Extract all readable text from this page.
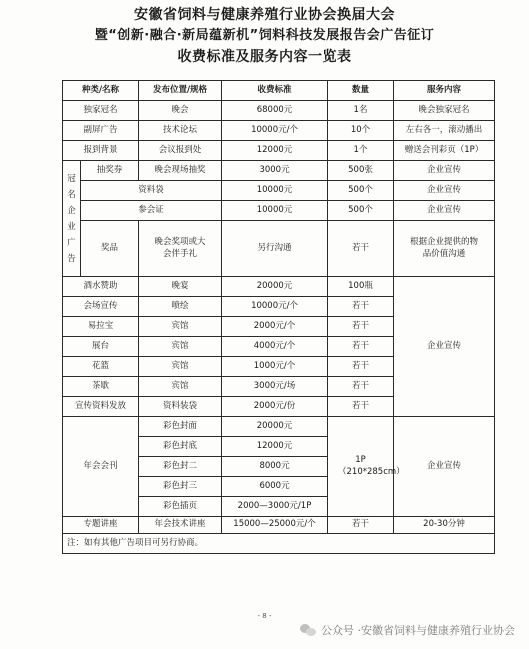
安徽省饲料与健康养殖行业协会换届大会
暨“创新·融合·新局蕴新机”饲料科技发展报告会广告征订
收费标准及服务内容一览表
种类/名称		发布位置/规格	收费标准	数量	服务内容
独家冠名		晚会	68000元	1名	晚会独家冠名
副屏广告		技术论坛	10000元/个	10个	左右各一，滚动播出
报到背景		会议报到处	12000元	1个	赠送会刊彩页（1P）

冠名企业广告	抽奖券	晚会现场抽奖	3000元	500张	企业宣传
	资料袋		10000元	500个	企业宣传
	参会证		10000元	500个	企业宣传
	奖品	晚会奖项或大会伴手礼	另行沟通	若干	根据企业提供的物品价值沟通
酒水赞助		晚宴	20000元	100瓶	企业宣传
会场宣传		喷绘	10000元/个	若干	
易拉宝		宾馆	2000元/个	若干	
展台		宾馆	4000元/个	若干	
花篮		宾馆	1000元/个	若干	
茶歇		宾馆	3000元/场	若干	
宣传资料发放		资料装袋	2000元/份	若干	
年会会刊		彩色封面	20000元	1P（210*285cm）	企业宣传
		彩色封底	12000元		
		彩色封二	8000元		
		彩色封三	6000元		
		彩色插页	2000—3000元/1P		
专题讲座		年会技术讲座	15000—25000元/个	若干	20-30分钟
注：如有其他广告项目可另行协商。					
- 8 -
公众号 · 安徽省饲料与健康养殖行业协会
